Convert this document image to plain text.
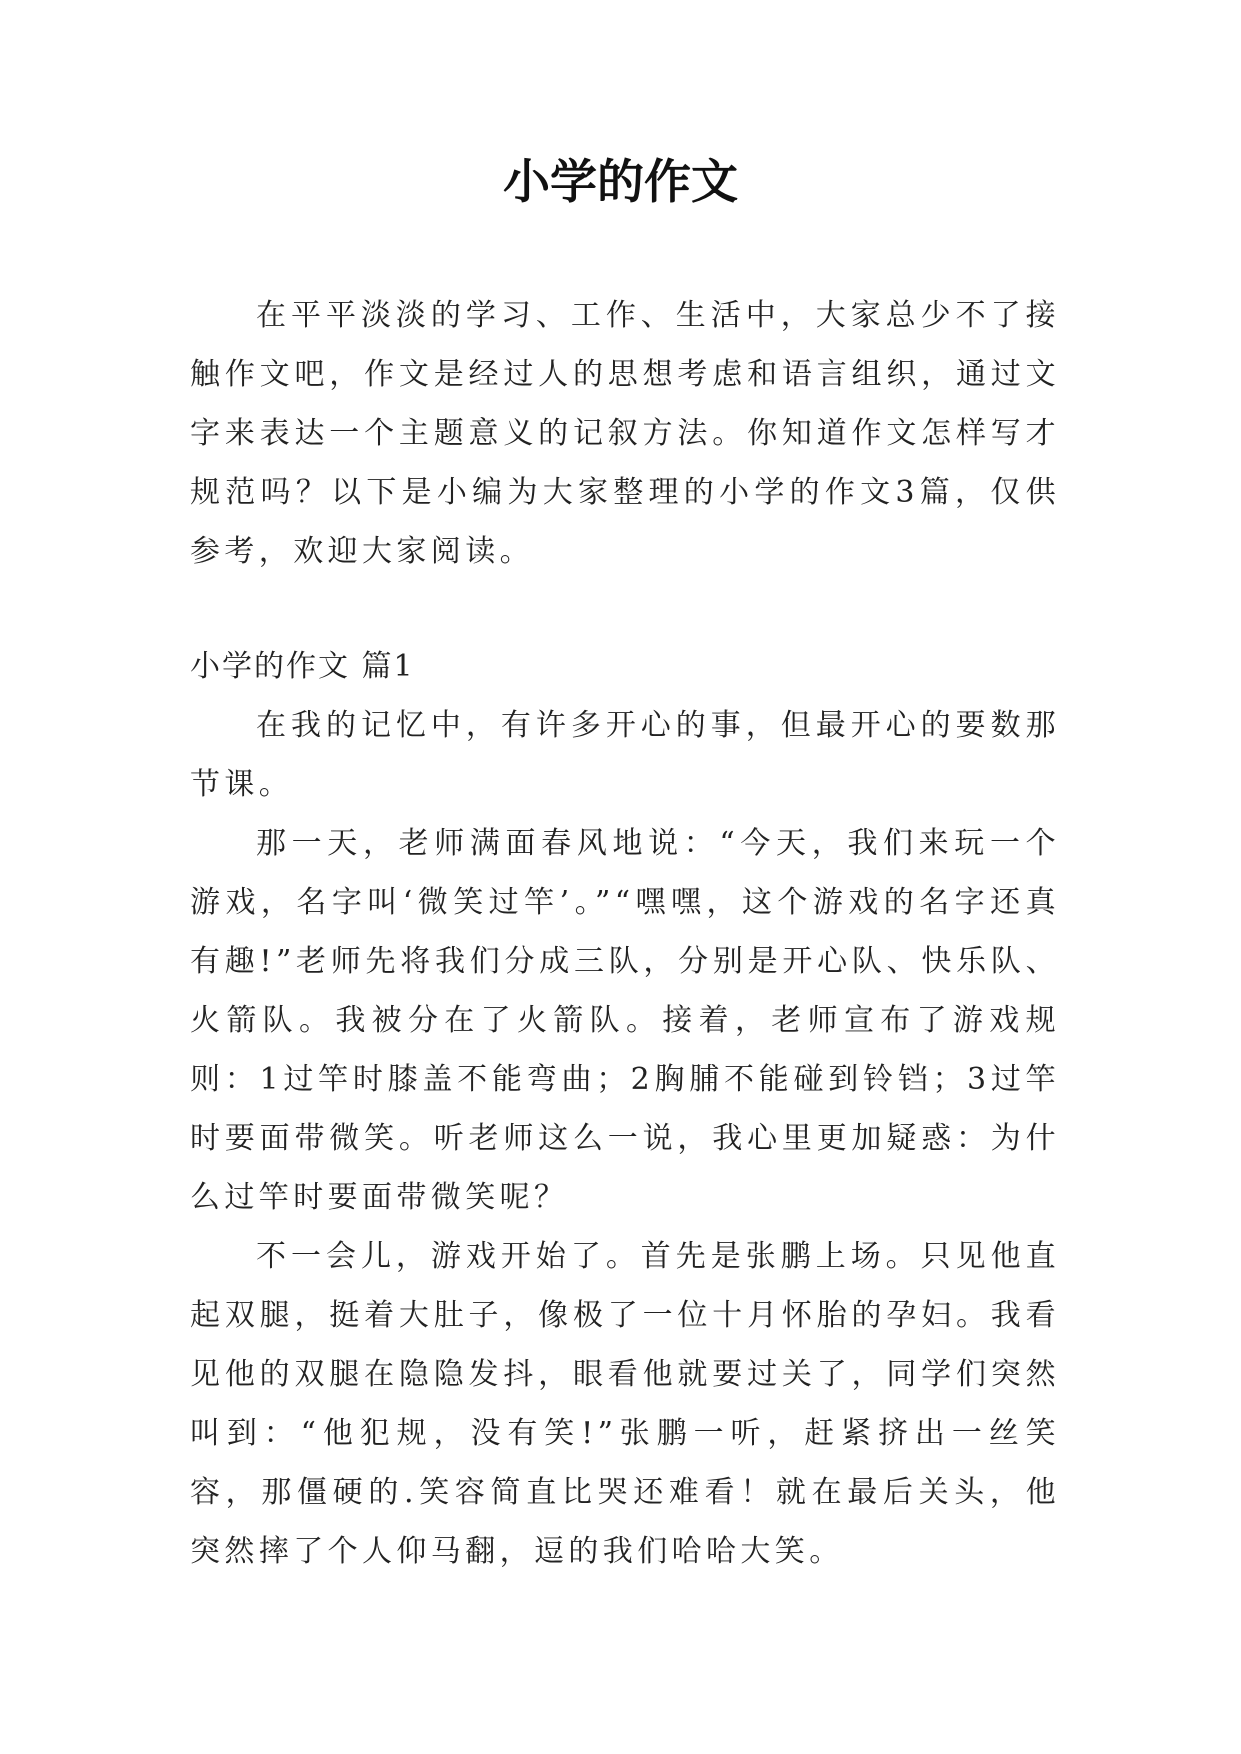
小学的作文

在平平淡淡的学习、工作、生活中，大家总少不了接触作文吧，作文是经过人的思想考虑和语言组织，通过文字来表达一个主题意义的记叙方法。你知道作文怎样写才规范吗？以下是小编为大家整理的小学的作文3篇，仅供参考，欢迎大家阅读。

小学的作文 篇1

在我的记忆中，有许多开心的事，但最开心的要数那节课。

那一天，老师满面春风地说：“今天，我们来玩一个游戏，名字叫‘微笑过竿’。”“嘿嘿，这个游戏的名字还真有趣!”老师先将我们分成三队，分别是开心队、快乐队、火箭队。我被分在了火箭队。接着，老师宣布了游戏规则：1过竿时膝盖不能弯曲；2胸脯不能碰到铃铛；3过竿时要面带微笑。听老师这么一说，我心里更加疑惑：为什么过竿时要面带微笑呢？

不一会儿，游戏开始了。首先是张鹏上场。只见他直起双腿，挺着大肚子，像极了一位十月怀胎的孕妇。我看见他的双腿在隐隐发抖，眼看他就要过关了，同学们突然叫到：“他犯规，没有笑!”张鹏一听，赶紧挤出一丝笑容，那僵硬的.笑容简直比哭还难看！就在最后关头，他突然摔了个人仰马翻，逗的我们哈哈大笑。
